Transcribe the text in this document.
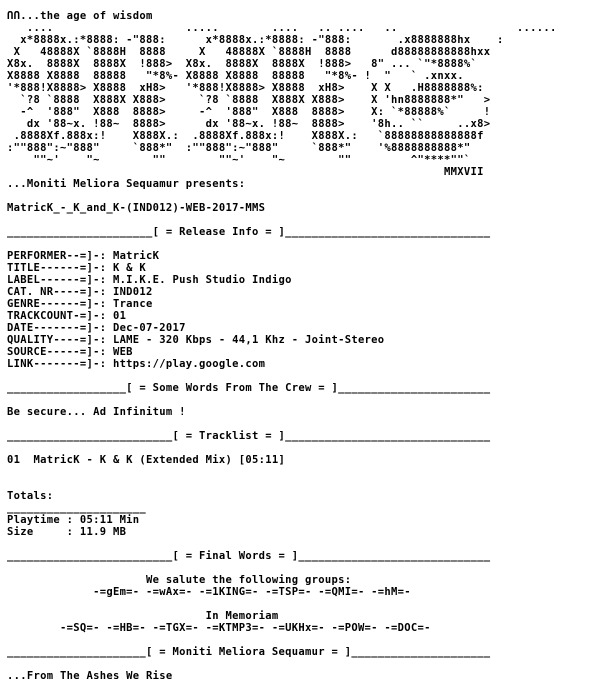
ՈՈ...the age of wisdom
....                    .....        ....   .. ....   ..                  ......
x*8888x.:*8888: -"888:      x*8888x.:*8888: -"888:       .x8888888hx    :
X   48888X `8888H  8888     X   48888X `8888H  8888      d88888888888hxx
X8x.  8888X  8888X  !888>  X8x.  8888X  8888X  !888>   8" ... `"*8888%`
X8888 X8888  88888   "*8%- X8888 X8888  88888   "*8%- !  "   ` .xnxx.
'*888!X8888> X8888  xH8>   '*888!X8888> X8888  xH8>    X X   .H8888888%:
`?8 `8888  X888X X888>     `?8 `8888  X888X X888>    X 'hn8888888*"   >
-^  '888"  X888  8888>     -^  '888"  X888  8888>    X: `*88888%`     !
dx '88~x. !88~  8888>      dx '88~x. !88~  8888>    '8h.. ``     ..x8>
.8888Xf.888x:!    X888X.:  .8888Xf.888x:!    X888X.:   `88888888888888f
:""888":~"888"     `888*"  :""888":~"888"     `888*"    '%8888888888*"
""~'    "~        ""        ""~'    "~        ""         ^"****""`
MMXVII
...Moniti Meliora Sequamur presents:

MatricK_-_K_and_K-(IND012)-WEB-2017-MMS

______________________[ = Release Info = ]_______________________________

PERFORMER--=]-: MatricK
TITLE------=]-: K & K
LABEL------=]-: M.I.K.E. Push Studio Indigo
CAT. NR----=]-: IND012
GENRE------=]-: Trance
TRACKCOUNT-=]-: 01
DATE-------=]-: Dec-07-2017
QUALITY----=]-: LAME - 320 Kbps - 44,1 Khz - Joint-Stereo
SOURCE-----=]-: WEB
LINK-------=]-: https://play.google.com

__________________[ = Some Words From The Crew = ]_______________________

Be secure... Ad Infinitum !

_________________________[ = Tracklist = ]_______________________________

01  MatricK - K & K (Extended Mix) [05:11]

Totals:
_____________________
Playtime : 05:11 Min
Size     : 11.9 MB

_________________________[ = Final Words = ]_____________________________

We salute the following groups:
-=gEm=- -=wAx=- -=1KING=- -=TSP=- -=QMI=- -=hM=-

In Memoriam
-=SQ=- -=HB=- -=TGX=- -=KTMP3=- -=UKHx=- -=POW=- -=DOC=-

_____________________[ = Moniti Meliora Sequamur = ]_____________________

...From The Ashes We Rise
